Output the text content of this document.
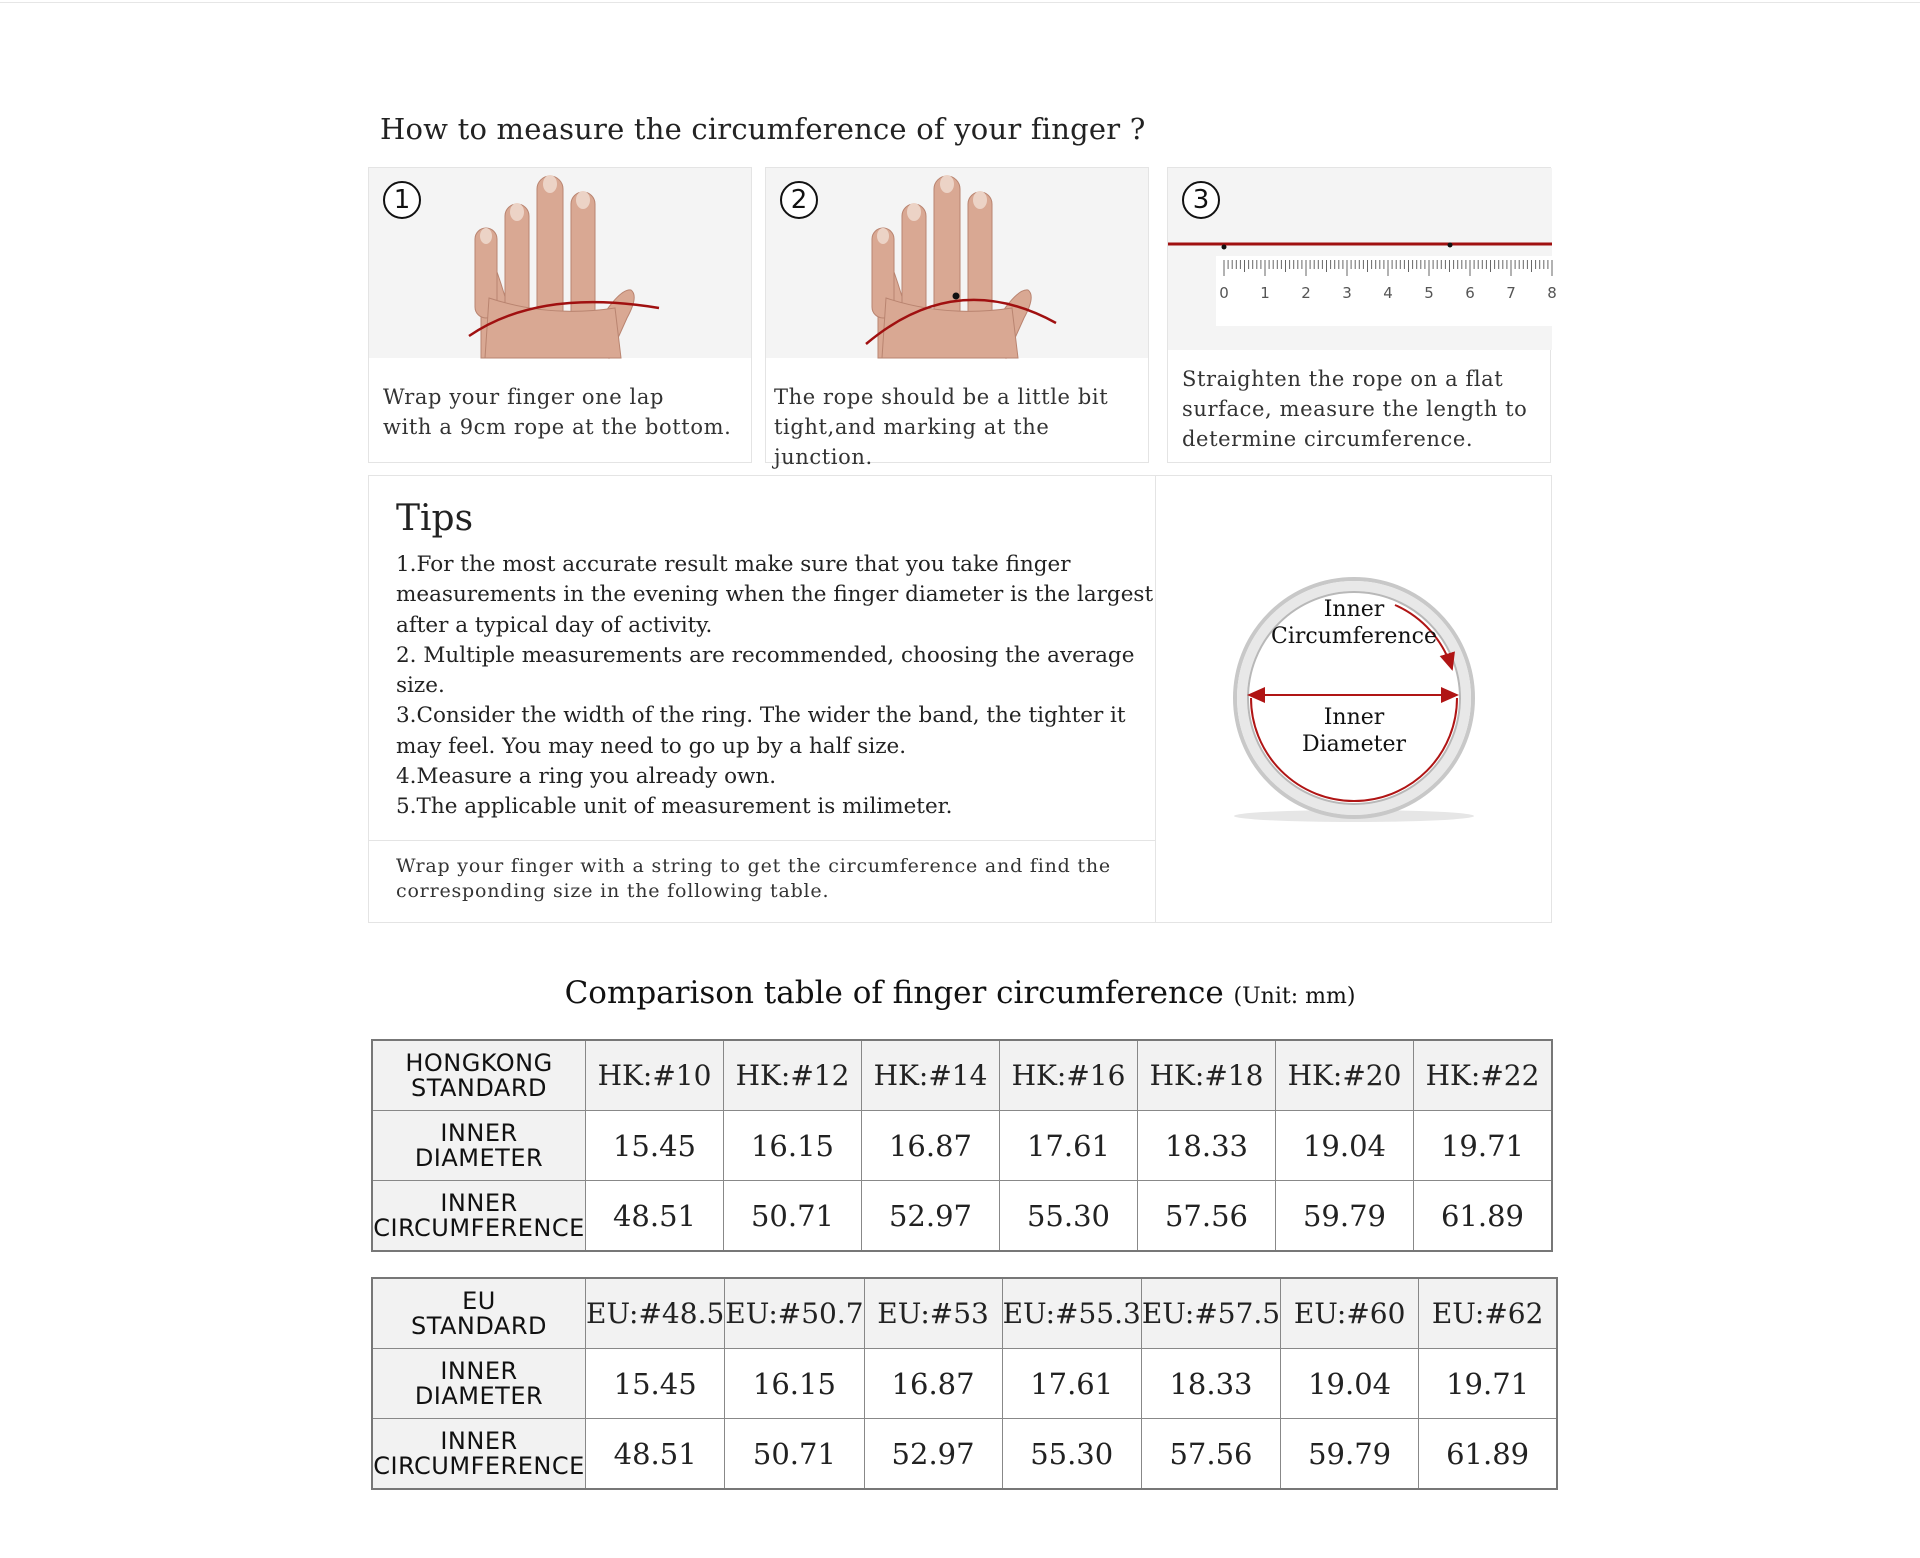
How to measure the circumference of your finger ?
1

Wrap your finger one lap
with a 9cm rope at the bottom.

2

The rope should be a little bit
tight,and marking at the junction.

0 1 2 3 4 5 6 7 8
3

Straighten the rope on a flat
surface, measure the length to
determine circumference.

Tips
1.For the most accurate result make sure that you take finger
measurements in the evening when the finger diameter is the largest
after a typical day of activity.
2. Multiple measurements are recommended, choosing the average
size.
3.Consider the width of the ring. The wider the band, the tighter it
may feel. You may need to go up by a half size.
4.Measure a ring you already own.
5.The applicable unit of measurement is milimeter.

Wrap your finger with a string to get the circumference and find the
corresponding size in the following table.

Inner
Circumference
Inner
Diameter
Comparison table of finger circumference (Unit: mm)
HONGKONG
STANDARD	HK:#10	HK:#12	HK:#14	HK:#16	HK:#18	HK:#20	HK:#22

INNER
DIAMETER	15.45	16.15	16.87	17.61	18.33	19.04	19.71

INNER
CIRCUMFERENCE	48.51	50.71	52.97	55.30	57.56	59.79	61.89
EU
STANDARD	EU:#48.5	EU:#50.7	EU:#53	EU:#55.3	EU:#57.5	EU:#60	EU:#62

INNER
DIAMETER	15.45	16.15	16.87	17.61	18.33	19.04	19.71

INNER
CIRCUMFERENCE	48.51	50.71	52.97	55.30	57.56	59.79	61.89
